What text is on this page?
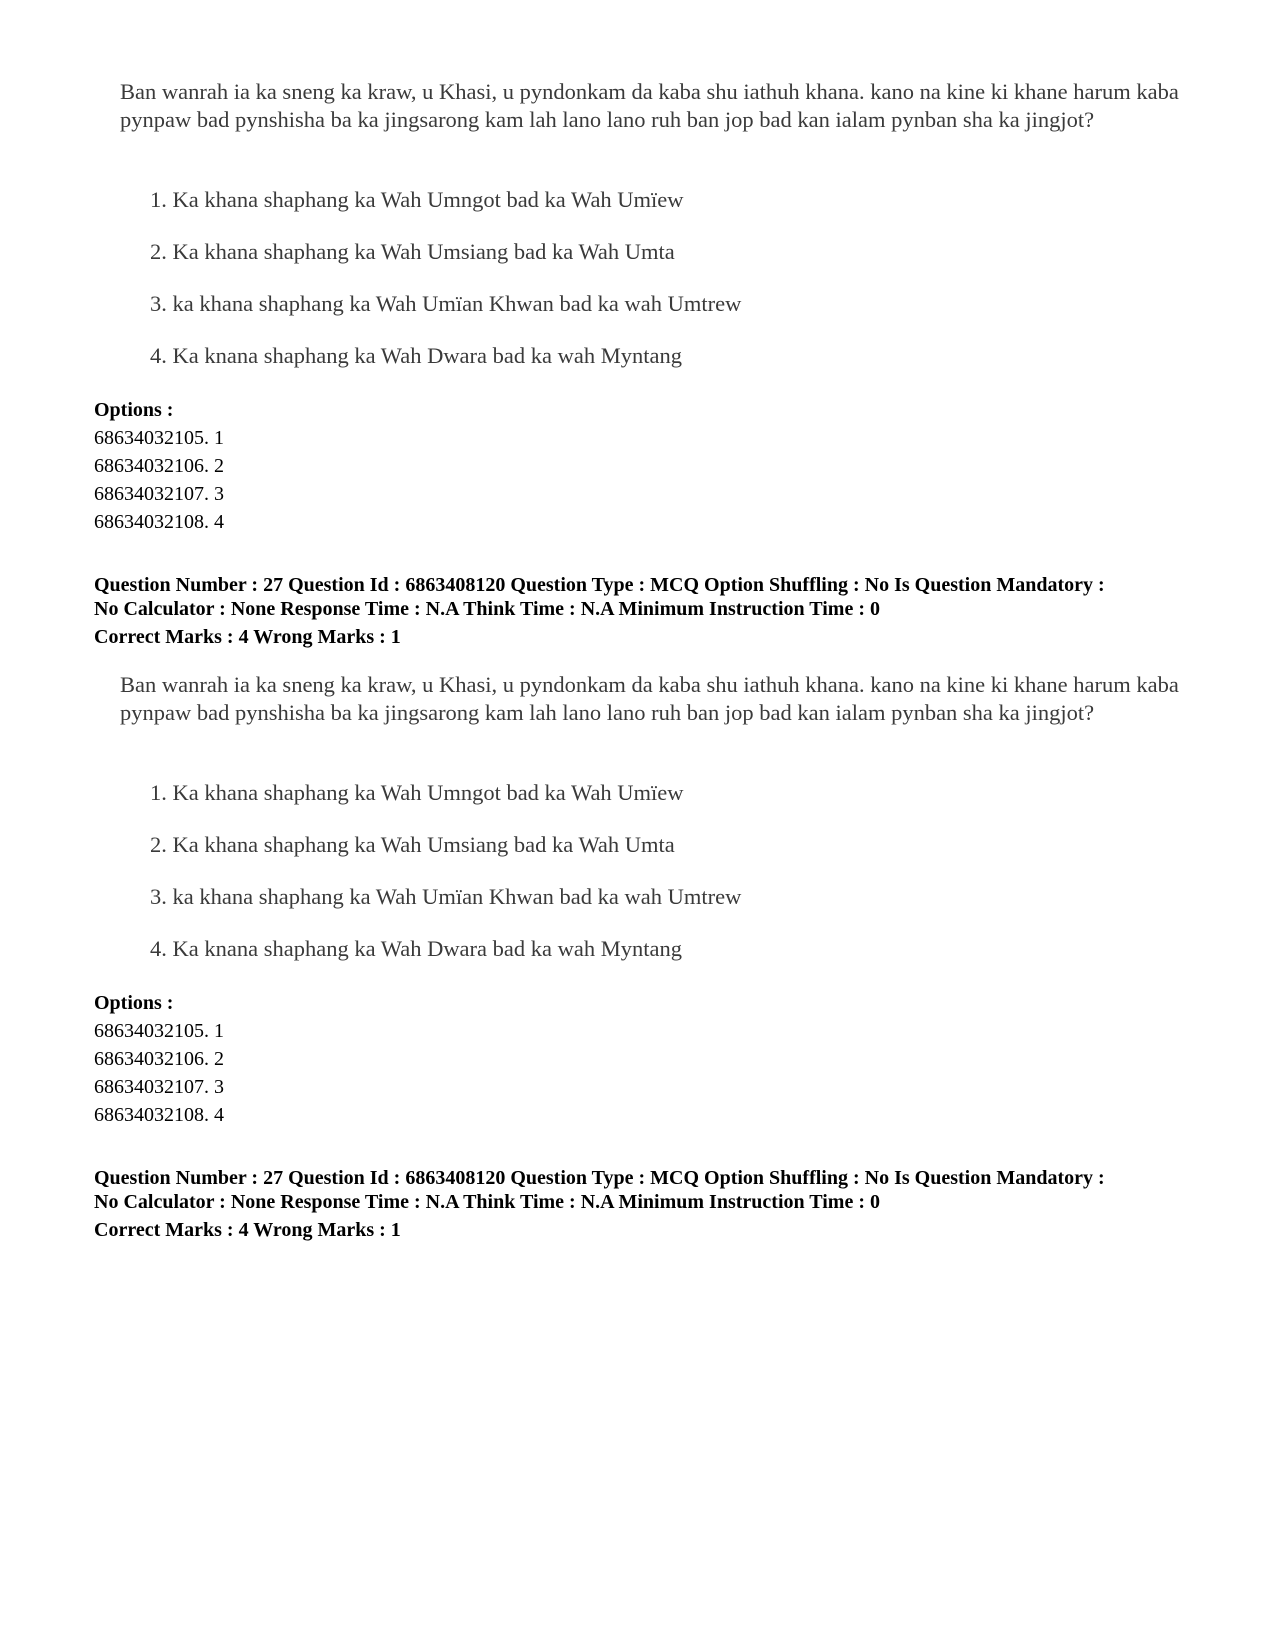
Ban wanrah ia ka sneng ka kraw, u Khasi, u pyndonkam da kaba shu iathuh khana. kano na kine ki khane harum kaba pynpaw bad pynshisha ba ka jingsarong kam lah lano lano ruh ban jop bad kan ialam pynban sha ka jingjot?

1. Ka khana shaphang ka Wah Umngot bad ka Wah Umïew
2. Ka khana shaphang ka Wah Umsiang bad ka Wah Umta
3. ka khana shaphang ka Wah Umïan Khwan bad ka wah Umtrew
4. Ka knana shaphang ka Wah Dwara bad ka wah Myntang
Options :
68634032105. 1
68634032106. 2
68634032107. 3
68634032108. 4
Question Number : 27 Question Id : 6863408120 Question Type : MCQ Option Shuffling : No Is Question Mandatory :
No Calculator : None Response Time : N.A Think Time : N.A Minimum Instruction Time : 0
Correct Marks : 4 Wrong Marks : 1

Ban wanrah ia ka sneng ka kraw, u Khasi, u pyndonkam da kaba shu iathuh khana. kano na kine ki khane harum kaba pynpaw bad pynshisha ba ka jingsarong kam lah lano lano ruh ban jop bad kan ialam pynban sha ka jingjot?

1. Ka khana shaphang ka Wah Umngot bad ka Wah Umïew
2. Ka khana shaphang ka Wah Umsiang bad ka Wah Umta
3. ka khana shaphang ka Wah Umïan Khwan bad ka wah Umtrew
4. Ka knana shaphang ka Wah Dwara bad ka wah Myntang
Options :
68634032105. 1
68634032106. 2
68634032107. 3
68634032108. 4
Question Number : 27 Question Id : 6863408120 Question Type : MCQ Option Shuffling : No Is Question Mandatory :
No Calculator : None Response Time : N.A Think Time : N.A Minimum Instruction Time : 0
Correct Marks : 4 Wrong Marks : 1
